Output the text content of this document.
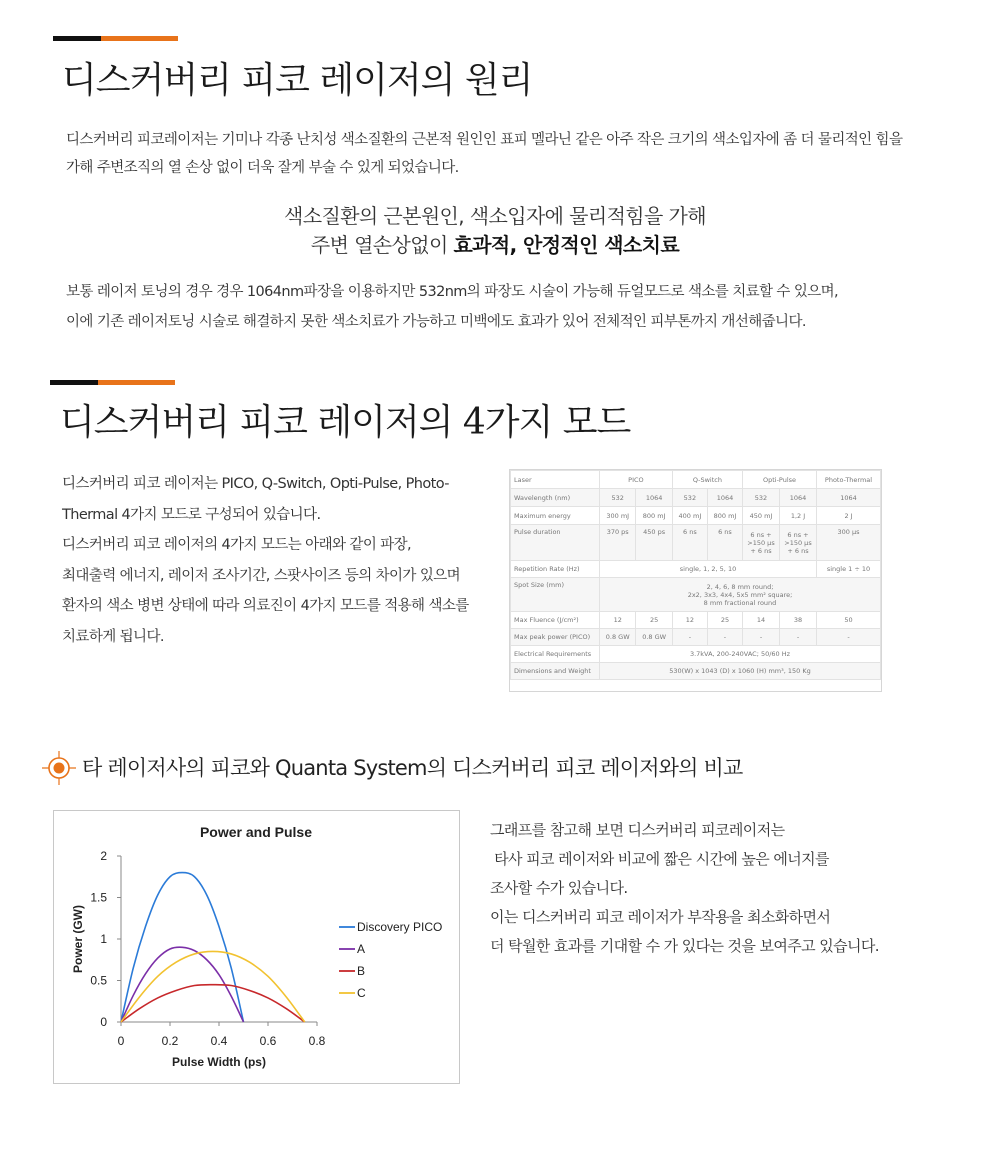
디스커버리 피코 레이저의 원리
디스커버리 피코레이저는 기미나 각종 난치성 색소질환의 근본적 원인인 표피 멜라닌 같은 아주 작은 크기의 색소입자에 좀 더 물리적인 힘을
가해 주변조직의 열 손상 없이 더욱 잘게 부술 수 있게 되었습니다.
색소질환의 근본원인, 색소입자에 물리적힘을 가해
주변 열손상없이 효과적, 안정적인 색소치료
보통 레이저 토닝의 경우 경우 1064nm파장을 이용하지만 532nm의 파장도 시술이 가능해 듀얼모드로 색소를 치료할 수 있으며,
이에 기존 레이저토닝 시술로 해결하지 못한 색소치료가 가능하고 미백에도 효과가 있어 전체적인 피부톤까지 개선해줍니다.
디스커버리 피코 레이저의 4가지 모드
디스커버리 피코 레이저는 PICO, Q-Switch, Opti-Pulse, Photo-
Thermal 4가지 모드로 구성되어 있습니다.
디스커버리 피코 레이저의 4가지 모드는 아래와 같이 파장,
최대출력 에너지, 레이저 조사기간, 스팟사이즈 등의 차이가 있으며
환자의 색소 병변 상태에 따라 의료진이 4가지 모드를 적용해 색소를
치료하게 됩니다.
Laser	PICO		Q-Switch		Opti-Pulse		Photo-Thermal
Wavelength (nm)	532	1064	532	1064	532	1064	1064
Maximum energy	300 mJ	800 mJ	400 mJ	800 mJ	450 mJ	1,2 J	2 J
Pulse duration	370 ps	450 ps	6 ns	6 ns	6 ns + >150 µs + 6 ns	6 ns + >150 µs + 6 ns	300 µs
Repetition Rate (Hz)	single, 1, 2, 5, 10						single 1 ÷ 10
Spot Size (mm)	2, 4, 6, 8 mm round;
2x2, 3x3, 4x4, 5x5 mm² square;
8 mm fractional round						

Max Fluence (J/cm²)	12	25	12	25	14	38	50
Max peak power (PICO)	0.8 GW	0.8 GW	-	-	-	-	-
Electrical Requirements	3.7kVA, 200-240VAC; 50/60 Hz						
Dimensions and Weight	530(W) x 1043 (D) x 1060 (H) mm³, 150 Kg						
타 레이저사의 피코와 Quanta System의 디스커버리 피코 레이저와의 비교
Power and Pulse
0
0.5
1
1.5
2
0	0.2	0.4	0.6	0.8
Pulse Width (ps)
Power (GW)	Discovery PICO
A
B
C
그래프를 참고해 보면 디스커버리 피코레이저는
타사 피코 레이저와 비교에 짧은 시간에 높은 에너지를
조사할 수가 있습니다.
이는 디스커버리 피코 레이저가 부작용을 최소화하면서
더 탁월한 효과를 기대할 수 가 있다는 것을 보여주고 있습니다.
